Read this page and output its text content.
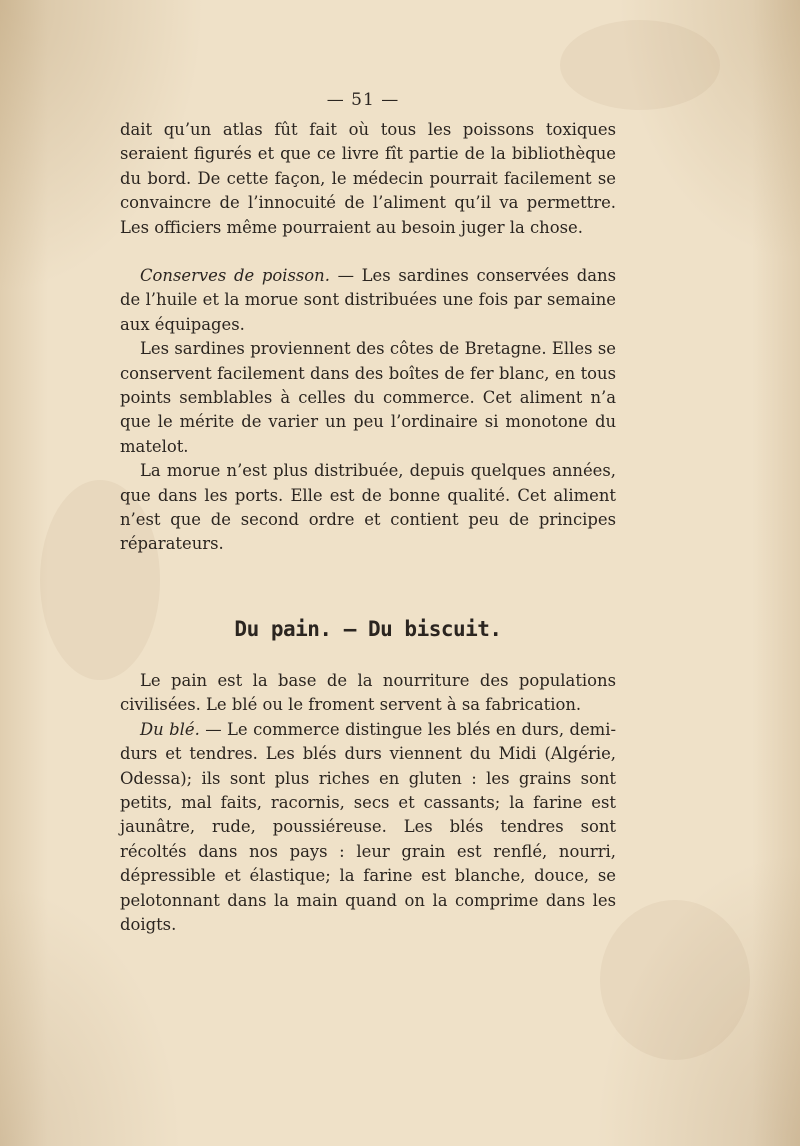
— 51 —

dait qu’un atlas fût fait où tous les poissons toxiques seraient figurés et que ce livre fît partie de la bibliothèque du bord. De cette façon, le médecin pourrait facilement se convaincre de l’innocuité de l’aliment qu’il va permettre. Les officiers même pourraient au besoin juger la chose.

Conserves de poisson. — Les sardines conservées dans de l’huile et la morue sont distribuées une fois par semaine aux équipages.

Les sardines proviennent des côtes de Bretagne. Elles se conservent facilement dans des boîtes de fer blanc, en tous points semblables à celles du commerce. Cet aliment n’a que le mérite de varier un peu l’ordinaire si monotone du matelot.

La morue n’est plus distribuée, depuis quelques années, que dans les ports. Elle est de bonne qualité. Cet aliment n’est que de second ordre et contient peu de principes réparateurs.

Du pain. — Du biscuit.

Le pain est la base de la nourriture des populations civilisées. Le blé ou le froment servent à sa fabrication.

Du blé. — Le commerce distingue les blés en durs, demi-durs et tendres. Les blés durs viennent du Midi (Algérie, Odessa); ils sont plus riches en gluten : les grains sont petits, mal faits, racornis, secs et cassants; la farine est jaunâtre, rude, poussiéreuse. Les blés tendres sont récoltés dans nos pays : leur grain est renflé, nourri, dépressible et élastique; la farine est blanche, douce, se pelotonnant dans la main quand on la comprime dans les doigts.
